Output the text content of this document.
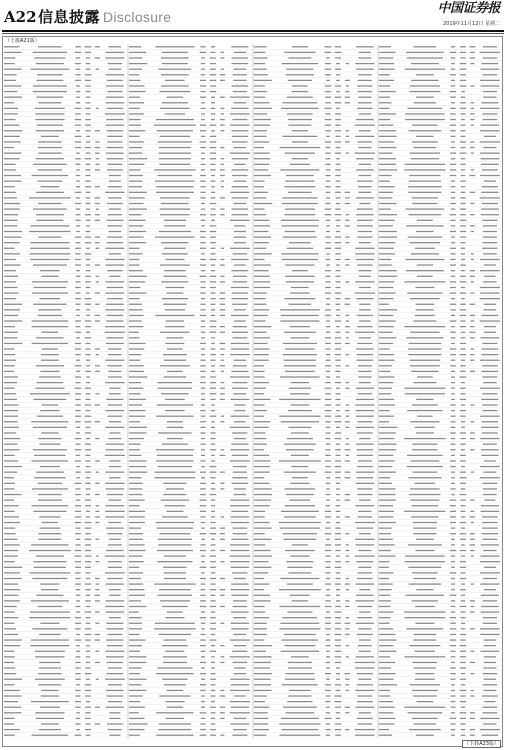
A22 信息披露 Disclosure
中国证券报
2019年11月12日 星期二
（上接A21版）
（下转A23版）
